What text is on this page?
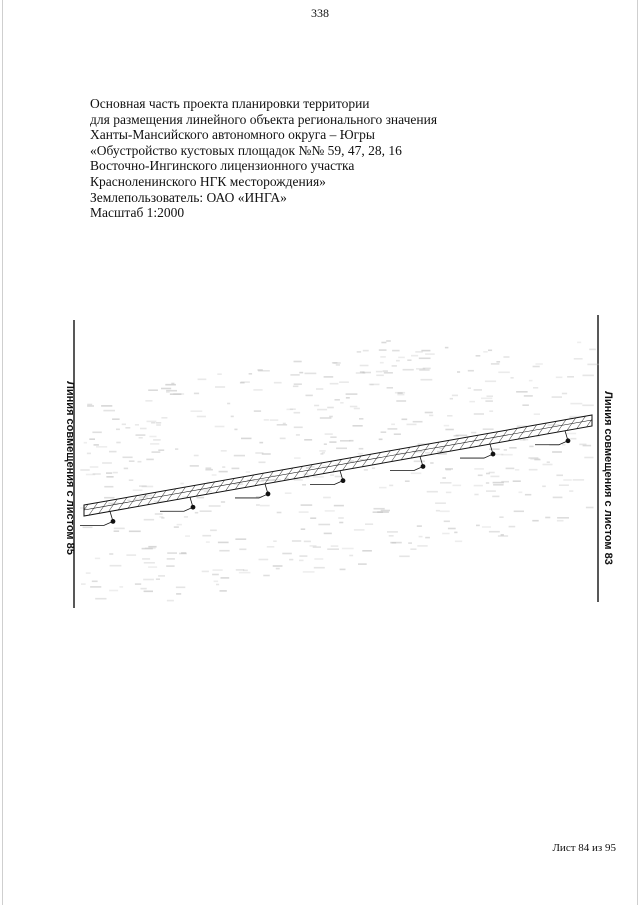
338
Основная часть проекта планировки территории
для размещения линейного объекта регионального значения
Ханты-Мансийского автономного округа – Югры
«Обустройство кустовых площадок №№ 59, 47, 28, 16
Восточно-Ингинского лицензионного участка
Красноленинского НГК месторождения»
Землепользователь: ОАО «ИНГА»
Масштаб 1:2000
Линия совмещения с листом 85	Линия совмещения с листом 83
Лист 84 из 95
